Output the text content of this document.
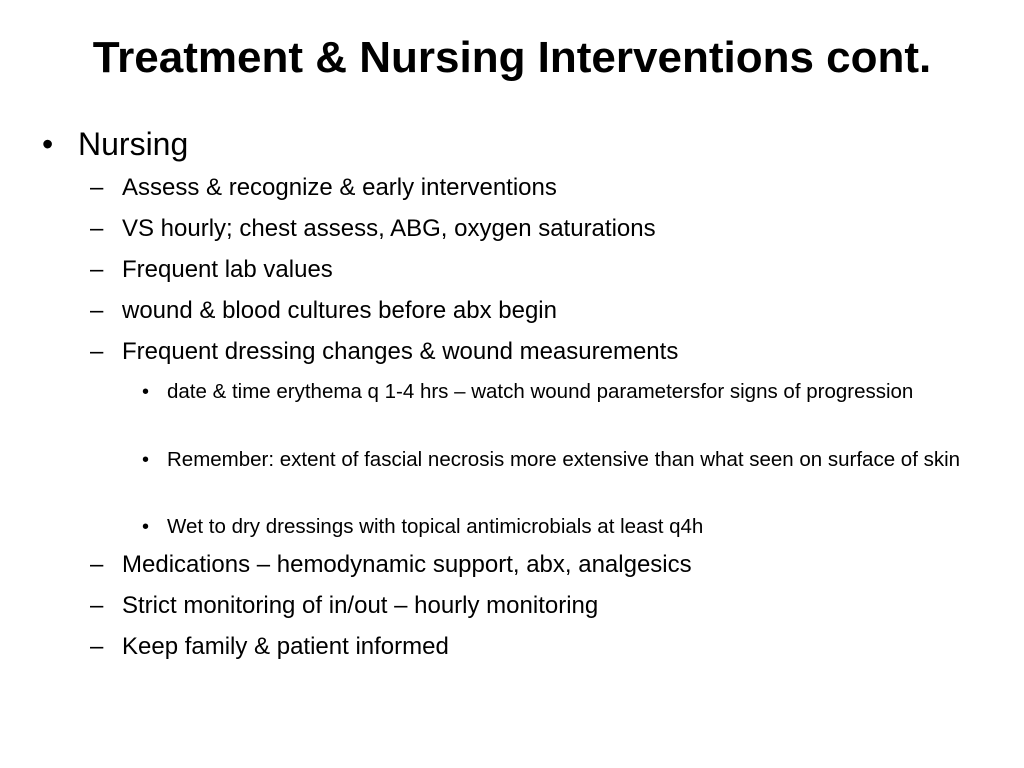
Treatment & Nursing Interventions cont.
• Nursing
– Assess & recognize & early interventions
– VS hourly; chest assess, ABG, oxygen saturations
– Frequent lab values
– wound & blood cultures before abx begin
– Frequent dressing changes & wound measurements
• date & time erythema q 1-4 hrs – watch wound parametersfor signs of progression
• Remember: extent of fascial necrosis more extensive than what seen on surface of skin
• Wet to dry dressings with topical antimicrobials at least q4h
– Medications – hemodynamic support, abx, analgesics
– Strict monitoring of in/out – hourly monitoring
– Keep family & patient informed
